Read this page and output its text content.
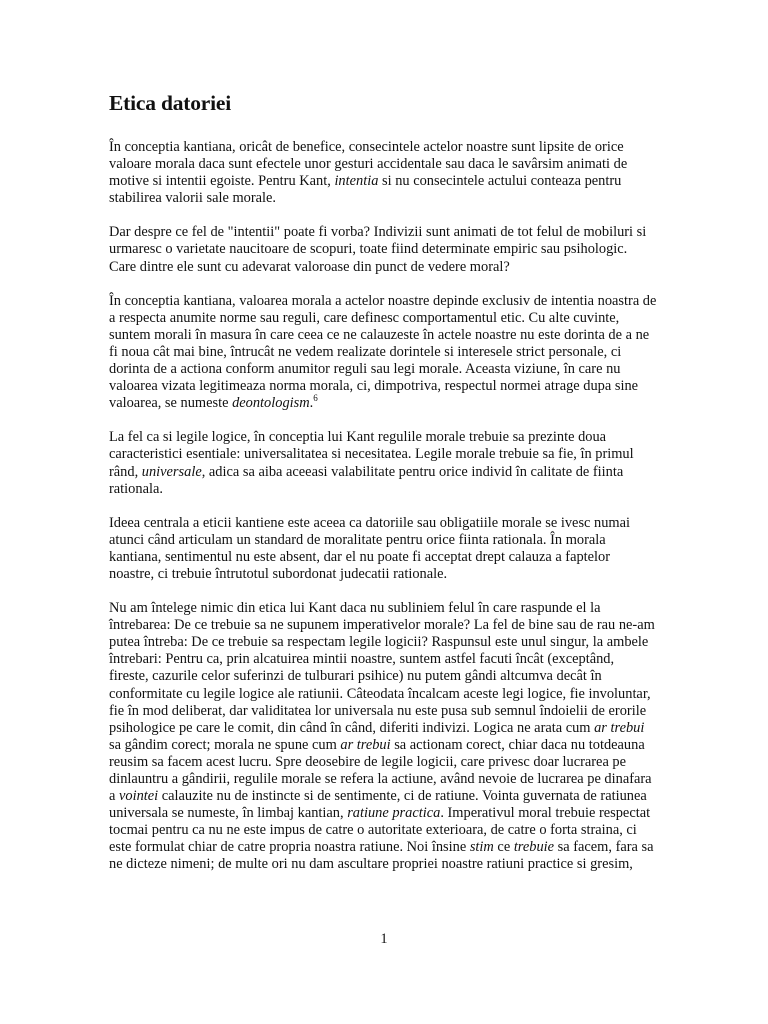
Etica datoriei

În conceptia kantiana, oricât de benefice, consecintele actelor noastre sunt lipsite de orice valoare morala daca sunt efectele unor gesturi accidentale sau daca le savârsim animati de motive si intentii egoiste. Pentru Kant, intentia si nu consecintele actului conteaza pentru stabilirea valorii sale morale.

Dar despre ce fel de "intentii" poate fi vorba? Indivizii sunt animati de tot felul de mobiluri si urmaresc o varietate naucitoare de scopuri, toate fiind determinate empiric sau psihologic. Care dintre ele sunt cu adevarat valoroase din punct de vedere moral?

În conceptia kantiana, valoarea morala a actelor noastre depinde exclusiv de intentia noastra de a respecta anumite norme sau reguli, care definesc comportamentul etic. Cu alte cuvinte, suntem morali în masura în care ceea ce ne calauzeste în actele noastre nu este dorinta de a ne fi noua cât mai bine, întrucât ne vedem realizate dorintele si interesele strict personale, ci dorinta de a actiona conform anumitor reguli sau legi morale. Aceasta viziune, în care nu valoarea vizata legitimeaza norma morala, ci, dimpotriva, respectul normei atrage dupa sine valoarea, se numeste deontologism.$^6$

La fel ca si legile logice, în conceptia lui Kant regulile morale trebuie sa prezinte doua caracteristici esentiale: universalitatea si necesitatea. Legile morale trebuie sa fie, în primul rând, universale, adica sa aiba aceeasi valabilitate pentru orice individ în calitate de fiinta rationala.

Ideea centrala a eticii kantiene este aceea ca datoriile sau obligatiile morale se ivesc numai atunci când articulam un standard de moralitate pentru orice fiinta rationala. În morala kantiana, sentimentul nu este absent, dar el nu poate fi acceptat drept calauza a faptelor noastre, ci trebuie întrutotul subordonat judecatii rationale.

Nu am întelege nimic din etica lui Kant daca nu subliniem felul în care raspunde el la întrebarea: De ce trebuie sa ne supunem imperativelor morale? La fel de bine sau de rau ne-am putea întreba: De ce trebuie sa respectam legile logicii? Raspunsul este unul singur, la ambele întrebari: Pentru ca, prin alcatuirea mintii noastre, suntem astfel facuti încât (exceptând, fireste, cazurile celor suferinzi de tulburari psihice) nu putem gândi altcumva decât în conformitate cu legile logice ale ratiunii. Câteodata încalcam aceste legi logice, fie involuntar, fie în mod deliberat, dar validitatea lor universala nu este pusa sub semnul îndoielii de erorile psihologice pe care le comit, din când în când, diferiti indivizi. Logica ne arata cum ar trebui sa gândim corect; morala ne spune cum ar trebui sa actionam corect, chiar daca nu totdeauna reusim sa facem acest lucru. Spre deosebire de legile logicii, care privesc doar lucrarea pe dinlauntru a gândirii, regulile morale se refera la actiune, având nevoie de lucrarea pe dinafara a vointei calauzite nu de instincte si de sentimente, ci de ratiune. Vointa guvernata de ratiunea universala se numeste, în limbaj kantian, ratiune practica. Imperativul moral trebuie respectat tocmai pentru ca nu ne este impus de catre o autoritate exterioara, de catre o forta straina, ci este formulat chiar de catre propria noastra ratiune. Noi însine stim ce trebuie sa facem, fara sa ne dicteze nimeni; de multe ori nu dam ascultare propriei noastre ratiuni practice si gresim,

1
